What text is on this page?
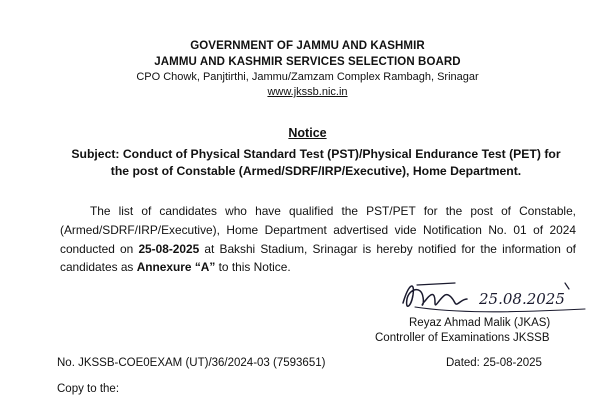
GOVERNMENT OF JAMMU AND KASHMIR
JAMMU AND KASHMIR SERVICES SELECTION BOARD
CPO Chowk, Panjtirthi, Jammu/Zamzam Complex Rambagh, Srinagar
www.jkssb.nic.in
Notice
Subject: Conduct of Physical Standard Test (PST)/Physical Endurance Test (PET) for
the post of Constable (Armed/SDRF/IRP/Executive), Home Department.
The list of candidates who have qualified the PST/PET for the post of Constable, (Armed/SDRF/IRP/Executive), Home Department advertised vide Notification No. 01 of 2024 conducted on 25-08-2025 at Bakshi Stadium, Srinagar is hereby notified for the information of candidates as Annexure “A” to this Notice.
25.08.2025
Reyaz Ahmad Malik (JKAS)
Controller of Examinations JKSSB
No. JKSSB-COE0EXAM (UT)/36/2024-03 (7593651)	Dated: 25-08-2025
Copy to the:
